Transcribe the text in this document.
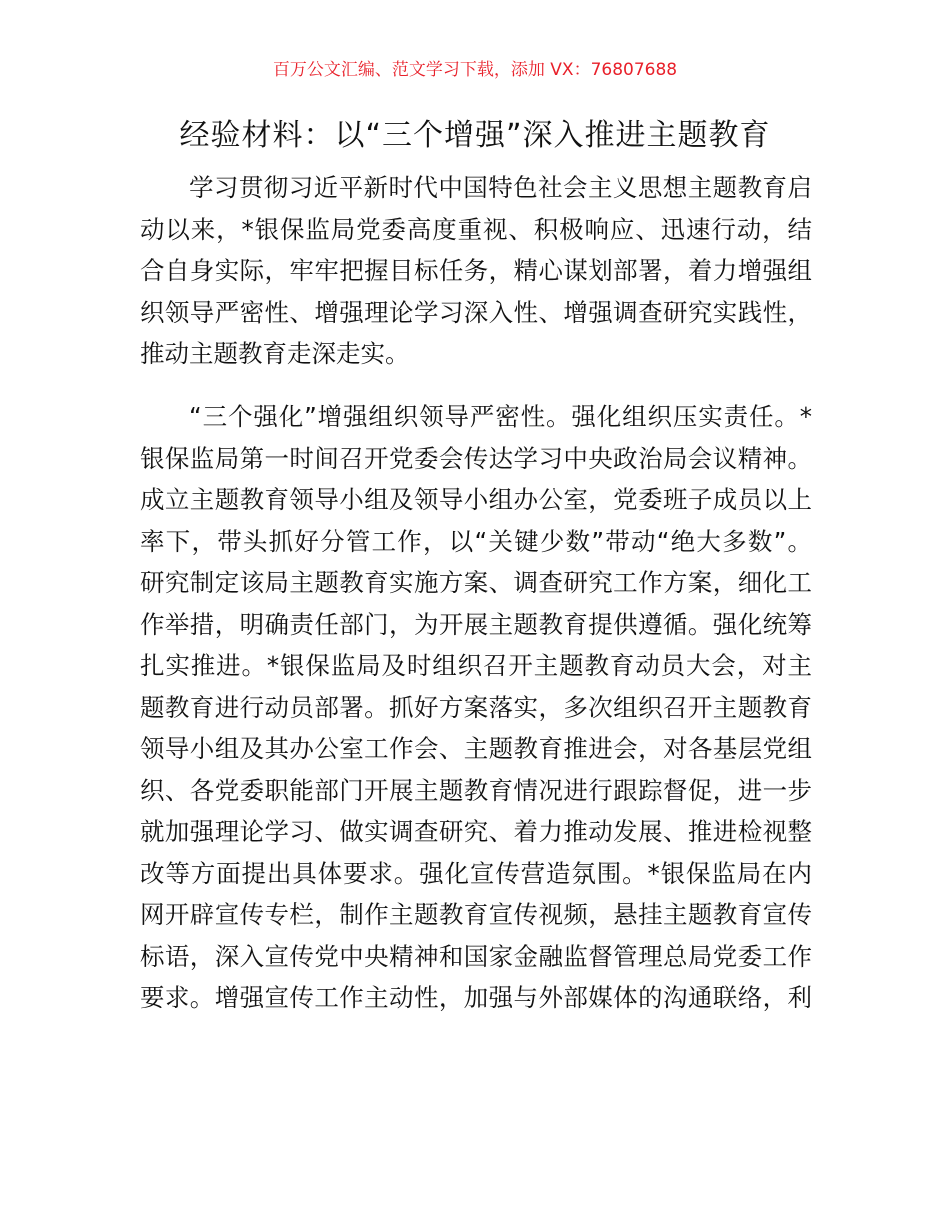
百万公文汇编、范文学习下载，添加 VX：76807688
经验材料：以“三个增强”深入推进主题教育
学习贯彻习近平新时代中国特色社会主义思想主题教育启
动以来，*银保监局党委高度重视、积极响应、迅速行动，结
合自身实际，牢牢把握目标任务，精心谋划部署，着力增强组
织领导严密性、增强理论学习深入性、增强调查研究实践性，
推动主题教育走深走实。
“三个强化”增强组织领导严密性。强化组织压实责任。*
银保监局第一时间召开党委会传达学习中央政治局会议精神。
成立主题教育领导小组及领导小组办公室，党委班子成员以上
率下，带头抓好分管工作，以“关键少数”带动“绝大多数”。
研究制定该局主题教育实施方案、调查研究工作方案，细化工
作举措，明确责任部门，为开展主题教育提供遵循。强化统筹
扎实推进。*银保监局及时组织召开主题教育动员大会，对主
题教育进行动员部署。抓好方案落实，多次组织召开主题教育
领导小组及其办公室工作会、主题教育推进会，对各基层党组
织、各党委职能部门开展主题教育情况进行跟踪督促，进一步
就加强理论学习、做实调查研究、着力推动发展、推进检视整
改等方面提出具体要求。强化宣传营造氛围。*银保监局在内
网开辟宣传专栏，制作主题教育宣传视频，悬挂主题教育宣传
标语，深入宣传党中央精神和国家金融监督管理总局党委工作
要求。增强宣传工作主动性，加强与外部媒体的沟通联络，利
